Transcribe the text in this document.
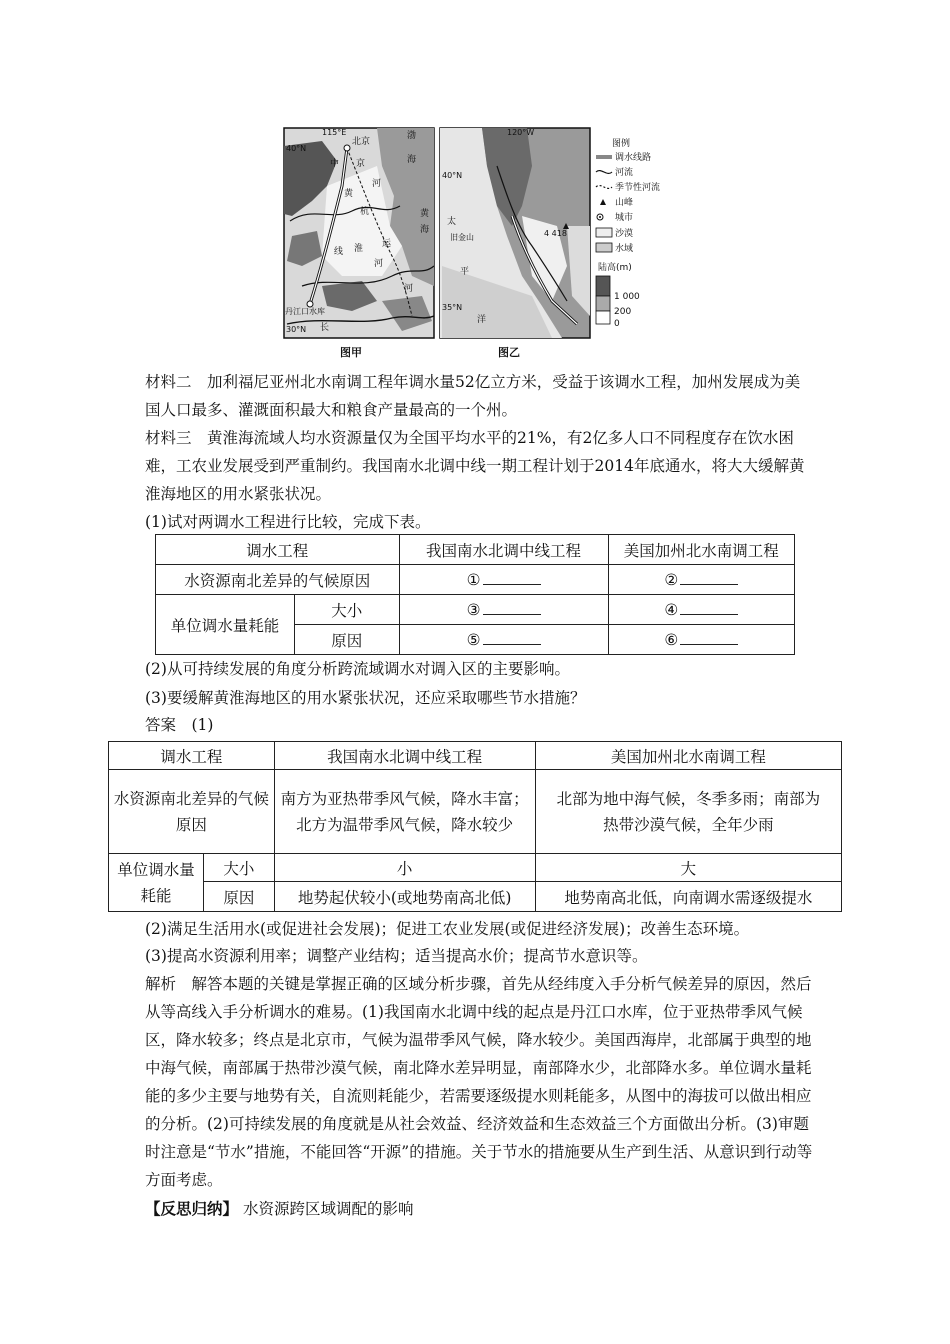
115°E
40°N
30°N
北京
渤
海
中 京
黄
杭
河
线 淮 运
河
黄
海
丹江口水库
长
河
120°W
40°N
35°N
太
旧金山
平
洋
4 418
图例
调水线路
河流
季节性河流
山峰
城市
沙漠
水域
陆高(m)
1 000
200
0
图甲	图乙

材料二　加利福尼亚州北水南调工程年调水量52亿立方米，受益于该调水工程，加州发展成为美国人口最多、灌溉面积最大和粮食产量最高的一个州。

材料三　黄淮海流域人均水资源量仅为全国平均水平的21%，有2亿多人口不同程度存在饮水困难，工农业发展受到严重制约。我国南水北调中线一期工程计划于2014年底通水，将大大缓解黄淮海地区的用水紧张状况。

(1)试对两调水工程进行比较，完成下表。

调水工程		我国南水北调中线工程	美国加州北水南调工程
水资源南北差异的气候原因		①	②
单位调水量耗能	大小	③	④
	原因	⑤	⑥

(2)从可持续发展的角度分析跨流域调水对调入区的主要影响。

(3)要缓解黄淮海地区的用水紧张状况，还应采取哪些节水措施？

答案　(1)

调水工程		我国南水北调中线工程	美国加州北水南调工程
水资源南北差异的气候原因		南方为亚热带季风气候，降水丰富；北方为温带季风气候，降水较少	北部为地中海气候，冬季多雨；南部为热带沙漠气候，全年少雨
单位调水量耗能	大小	小	大
	原因	地势起伏较小(或地势南高北低)	地势南高北低，向南调水需逐级提水

(2)满足生活用水(或促进社会发展)；促进工农业发展(或促进经济发展)；改善生态环境。

(3)提高水资源利用率；调整产业结构；适当提高水价；提高节水意识等。

解析　解答本题的关键是掌握正确的区域分析步骤，首先从经纬度入手分析气候差异的原因，然后从等高线入手分析调水的难易。(1)我国南水北调中线的起点是丹江口水库，位于亚热带季风气候区，降水较多；终点是北京市，气候为温带季风气候，降水较少。美国西海岸，北部属于典型的地中海气候，南部属于热带沙漠气候，南北降水差异明显，南部降水少，北部降水多。单位调水量耗能的多少主要与地势有关，自流则耗能少，若需要逐级提水则耗能多，从图中的海拔可以做出相应的分析。(2)可持续发展的角度就是从社会效益、经济效益和生态效益三个方面做出分析。(3)审题时注意是“节水”措施，不能回答“开源”的措施。关于节水的措施要从生产到生活、从意识到行动等方面考虑。

【反思归纳】 水资源跨区域调配的影响
